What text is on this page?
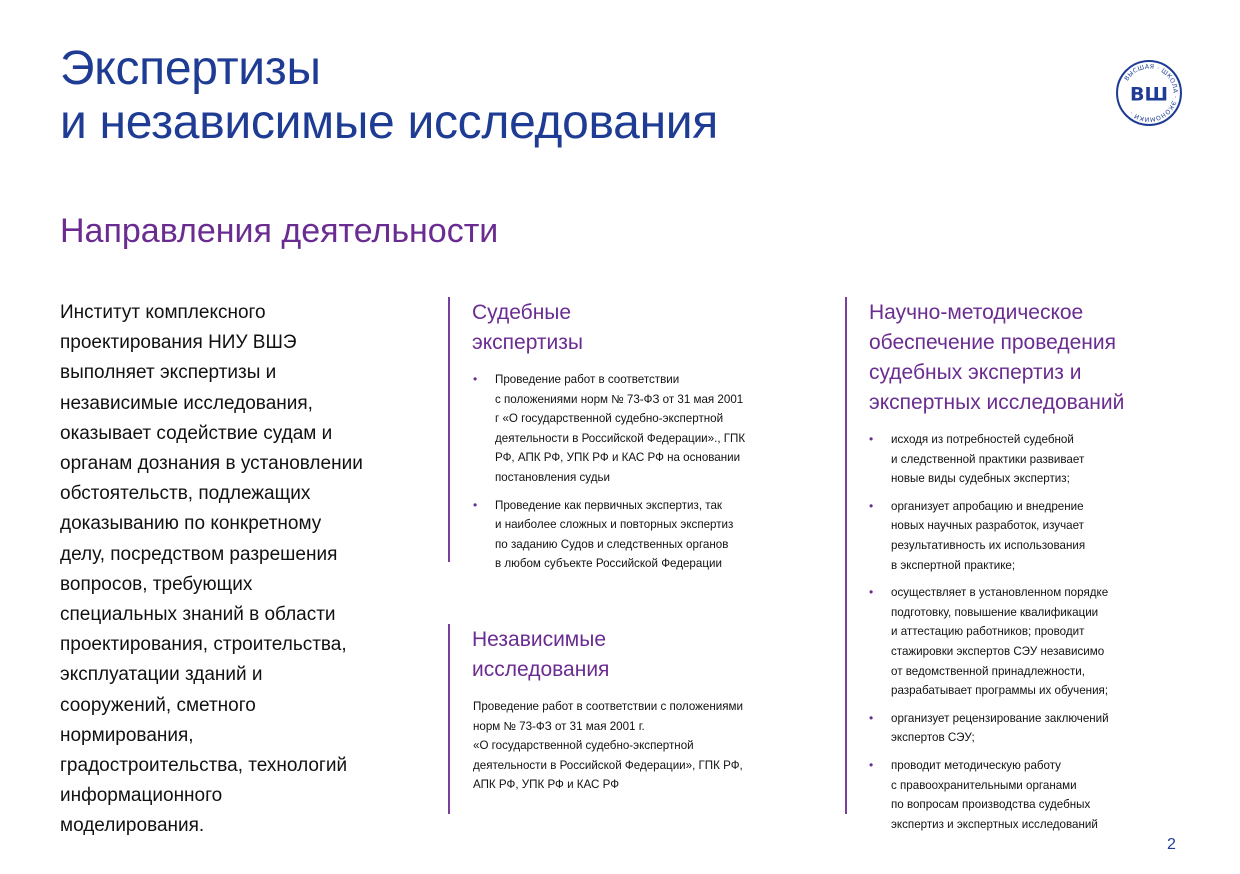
Экспертизы
и независимые исследования
ВЫСШАЯ · ШКОЛА · ЭКОНОМИКИ ·
ВШ
Направления деятельности
Институт комплексного
проектирования НИУ ВШЭ
выполняет экспертизы и
независимые исследования,
оказывает содействие судам и
органам дознания в установлении
обстоятельств, подлежащих
доказыванию по конкретному
делу, посредством разрешения
вопросов, требующих
специальных знаний в области
проектирования, строительства,
эксплуатации зданий и
сооружений, сметного
нормирования,
градостроительства, технологий
информационного
моделирования.
Судебные
экспертизы
• Проведение работ в соответствии
с положениями норм № 73-ФЗ от 31 мая 2001
г «О государственной судебно-экспертной
деятельности в Российской Федерации»., ГПК
РФ, АПК РФ, УПК РФ и КАС РФ на основании
постановления судьи
• Проведение как первичных экспертиз, так
и наиболее сложных и повторных экспертиз
по заданию Судов и следственных органов
в любом субъекте Российской Федерации
Независимые
исследования
Проведение работ в соответствии с положениями
норм № 73-ФЗ от 31 мая 2001 г.
«О государственной судебно-экспертной
деятельности в Российской Федерации», ГПК РФ,
АПК РФ, УПК РФ и КАС РФ
Научно-методическое
обеспечение проведения
судебных экспертиз и
экспертных исследований
• исходя из потребностей судебной
и следственной практики развивает
новые виды судебных экспертиз;
• организует апробацию и внедрение
новых научных разработок, изучает
результативность их использования
в экспертной практике;
• осуществляет в установленном порядке
подготовку, повышение квалификации
и аттестацию работников; проводит
стажировки экспертов СЭУ независимо
от ведомственной принадлежности,
разрабатывает программы их обучения;
• организует рецензирование заключений
экспертов СЭУ;
• проводит методическую работу
с правоохранительными органами
по вопросам производства судебных
экспертиз и экспертных исследований
2
